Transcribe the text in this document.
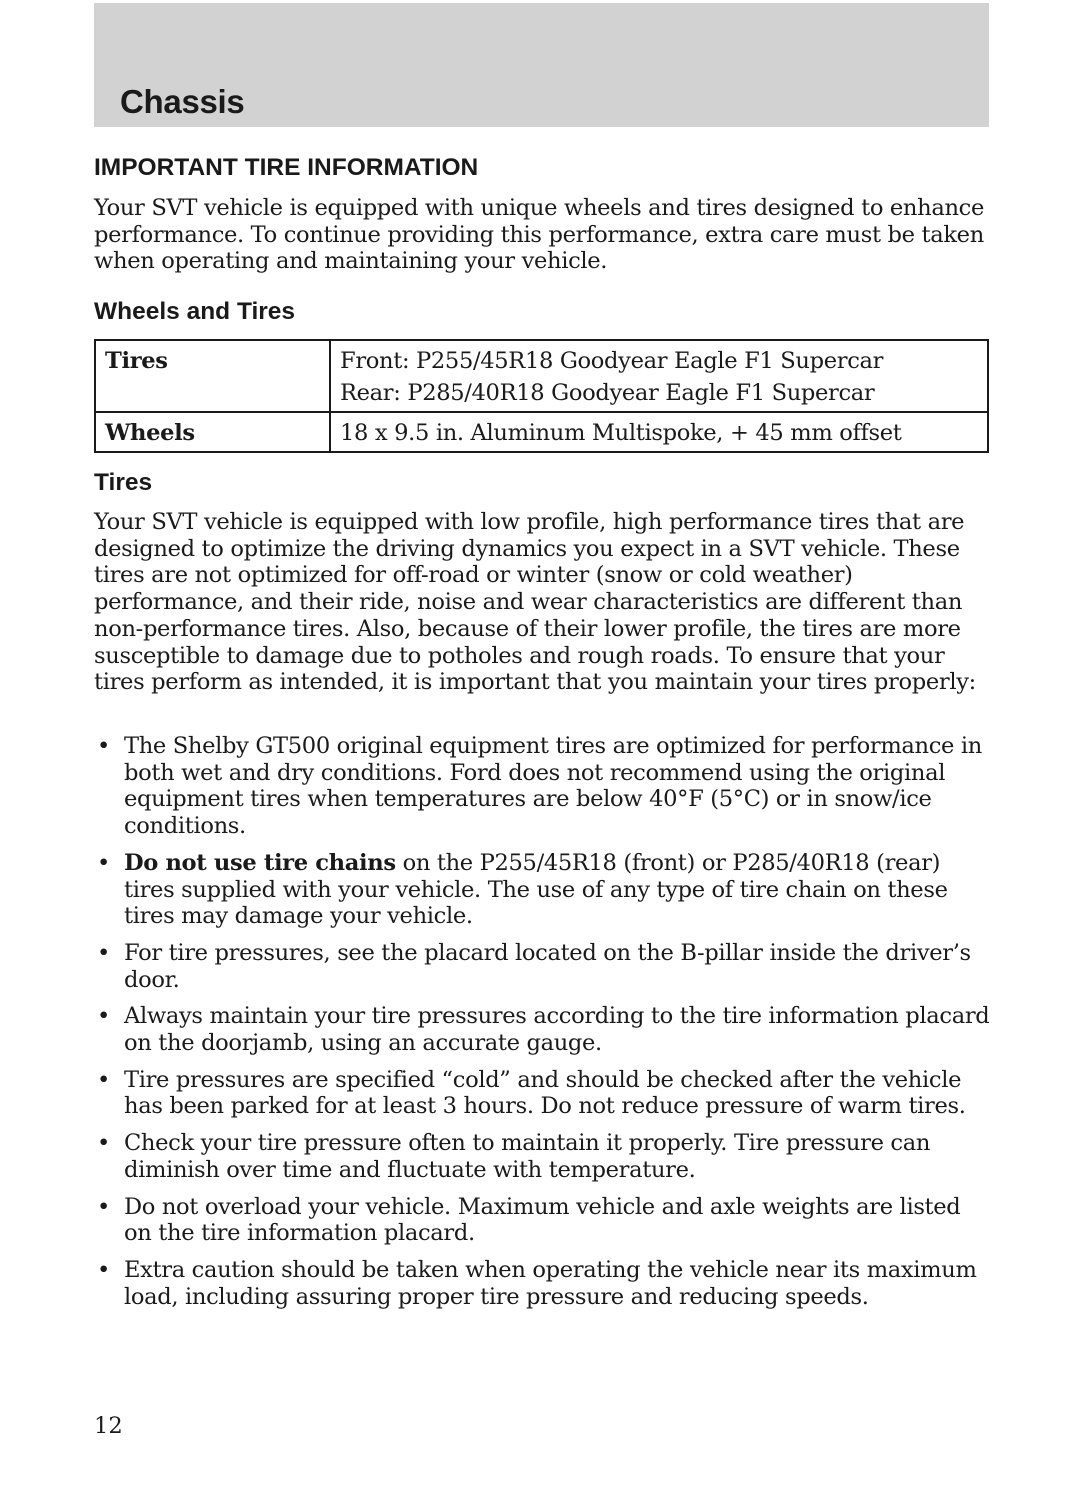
Chassis
IMPORTANT TIRE INFORMATION

Your SVT vehicle is equipped with unique wheels and tires designed to enhance performance. To continue providing this performance, extra care must be taken when operating and maintaining your vehicle.

Wheels and Tires
Tires	Front: P255/45R18 Goodyear Eagle F1 Supercar
Rear: P285/40R18 Goodyear Eagle F1 Supercar

Wheels	18 x 9.5 in. Aluminum Multispoke, + 45 mm offset
Tires

Your SVT vehicle is equipped with low profile, high performance tires that are designed to optimize the driving dynamics you expect in a SVT vehicle. These tires are not optimized for off-road or winter (snow or cold weather) performance, and their ride, noise and wear characteristics are different than non-performance tires. Also, because of their lower profile, the tires are more susceptible to damage due to potholes and rough roads. To ensure that your tires perform as intended, it is important that you maintain your tires properly:

• The Shelby GT500 original equipment tires are optimized for performance in both wet and dry conditions. Ford does not recommend using the original equipment tires when temperatures are below 40°F (5°C) or in snow/ice conditions.
• Do not use tire chains on the P255/45R18 (front) or P285/40R18 (rear) tires supplied with your vehicle. The use of any type of tire chain on these tires may damage your vehicle.
• For tire pressures, see the placard located on the B-pillar inside the driver’s door.
• Always maintain your tire pressures according to the tire information placard on the doorjamb, using an accurate gauge.
• Tire pressures are specified “cold” and should be checked after the vehicle has been parked for at least 3 hours. Do not reduce pressure of warm tires.
• Check your tire pressure often to maintain it properly. Tire pressure can diminish over time and fluctuate with temperature.
• Do not overload your vehicle. Maximum vehicle and axle weights are listed on the tire information placard.
• Extra caution should be taken when operating the vehicle near its maximum load, including assuring proper tire pressure and reducing speeds.
12
